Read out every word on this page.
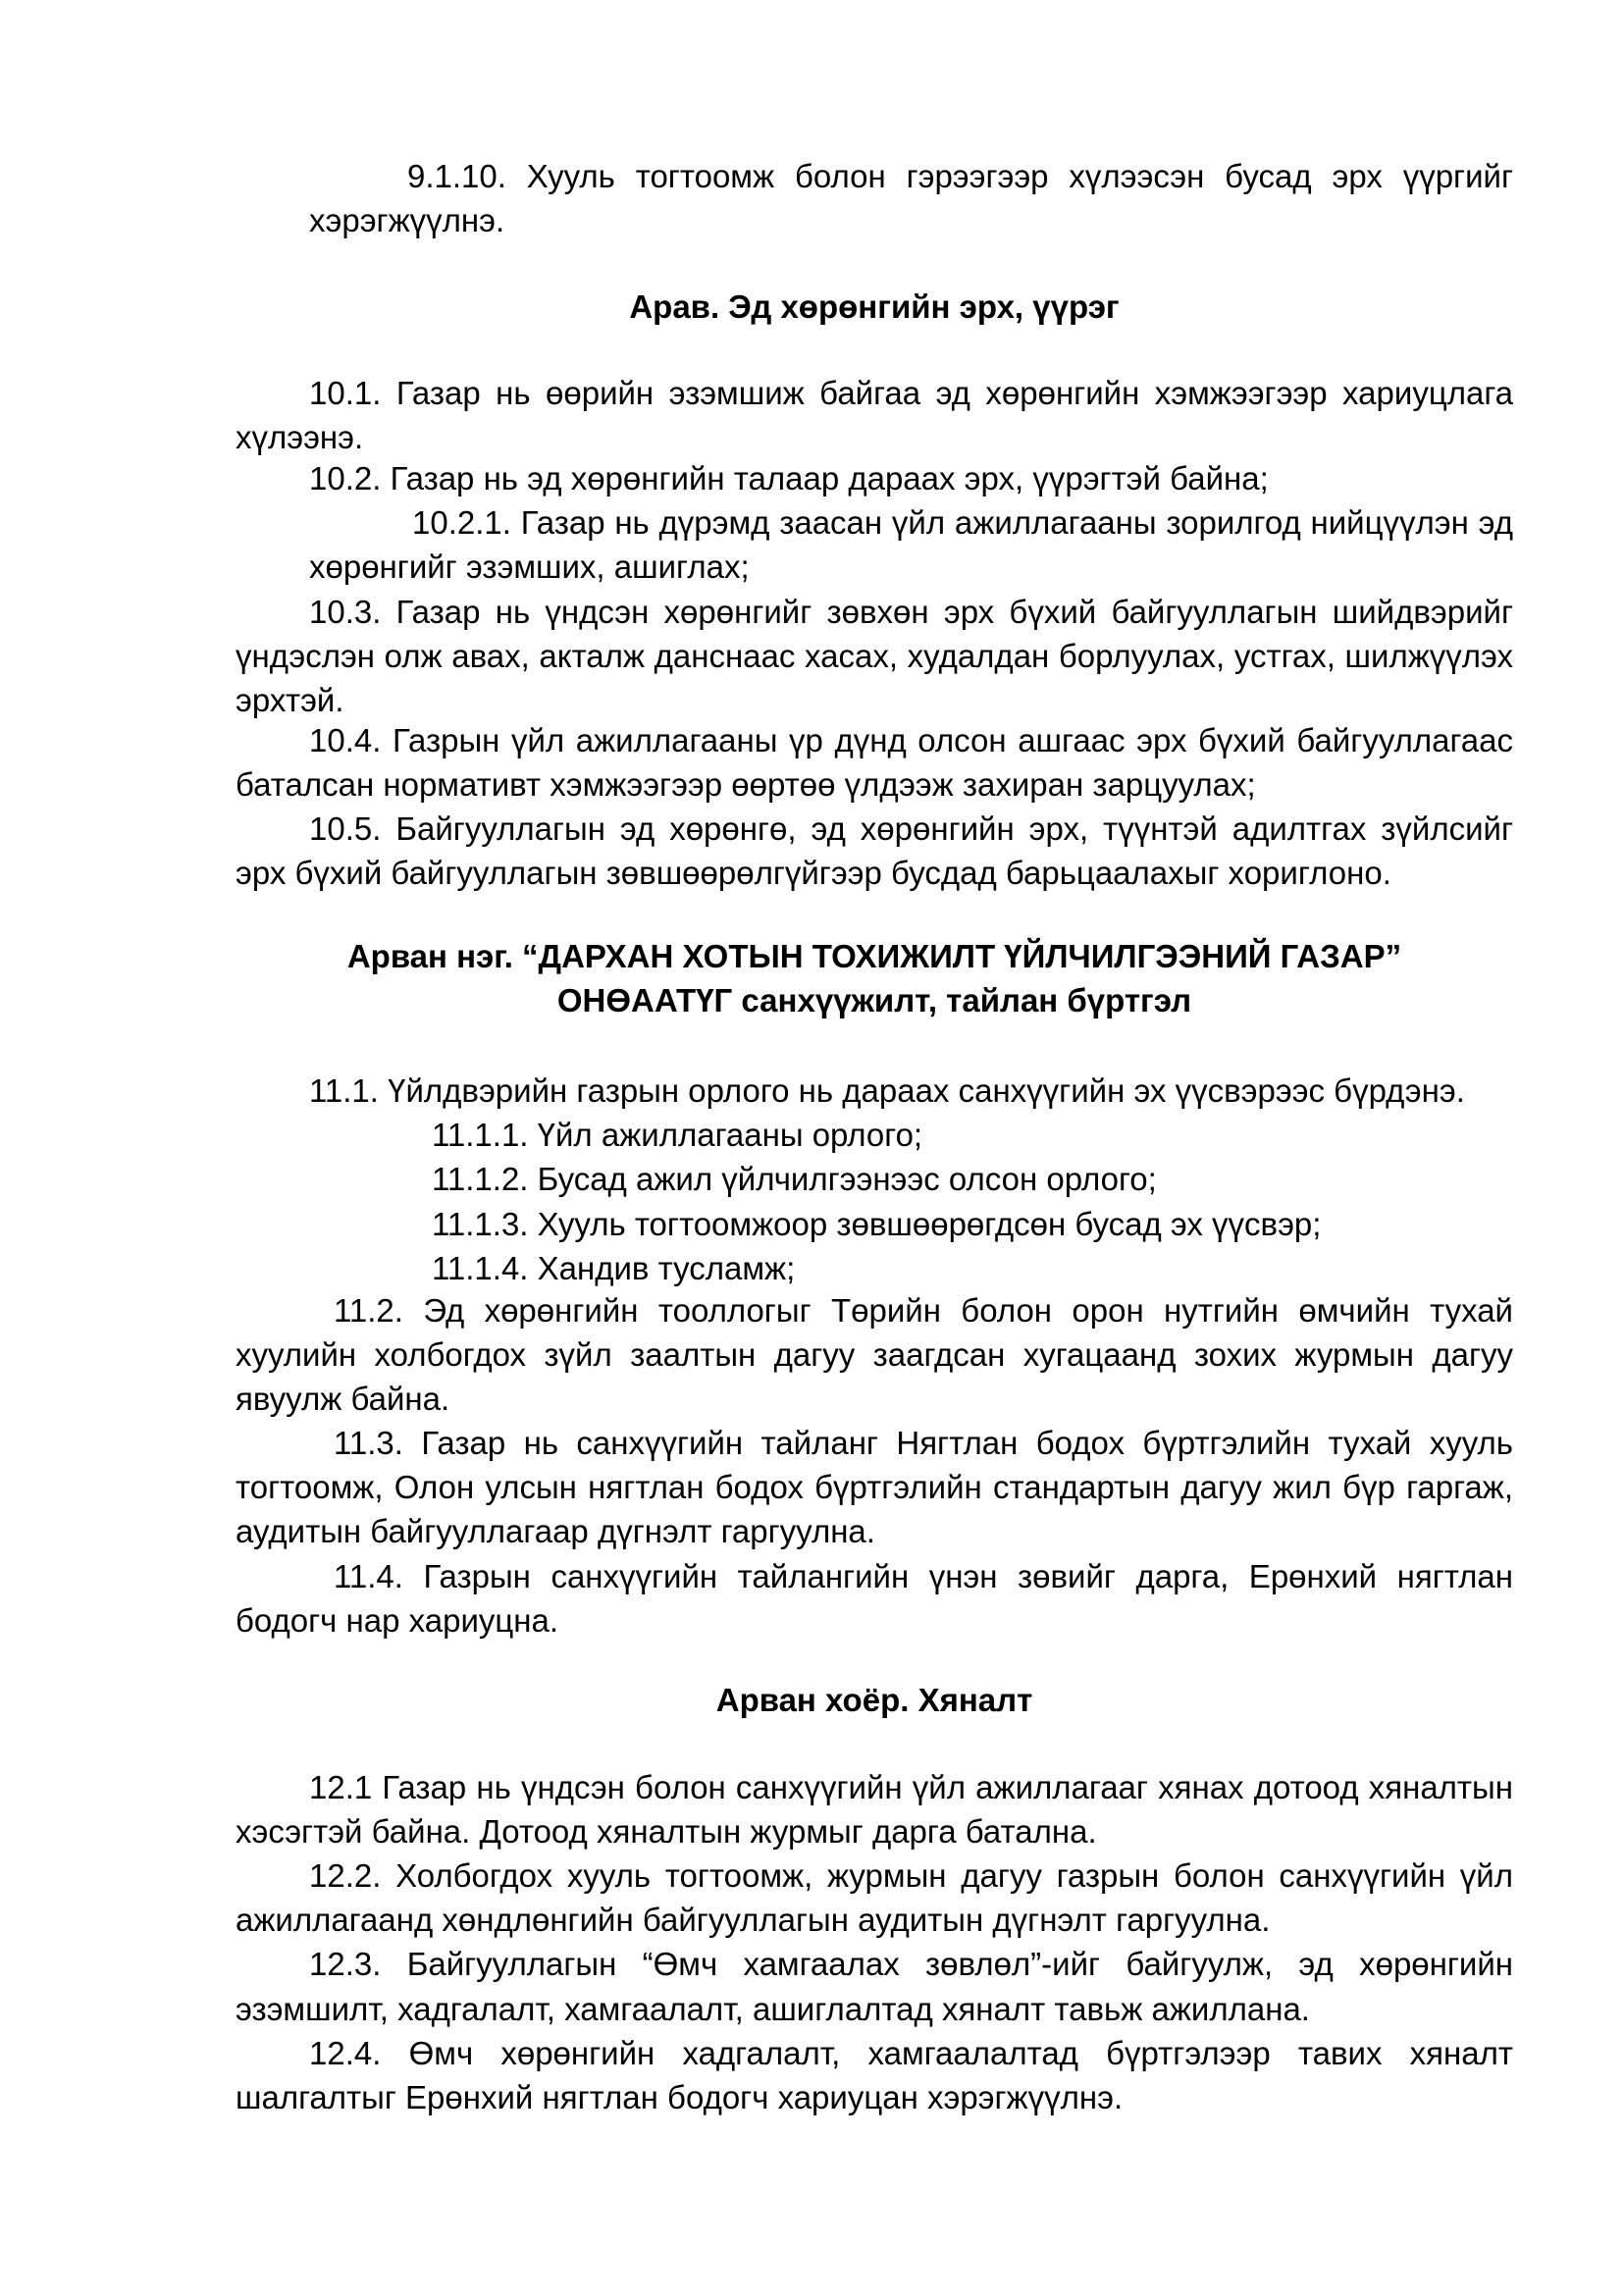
9.1.10. Хууль тогтоомж болон гэрээгээр хүлээсэн бусад эрх үүргийг
хэрэгжүүлнэ.
Арав. Эд хөрөнгийн эрх, үүрэг
10.1. Газар нь өөрийн эзэмшиж байгаа эд хөрөнгийн хэмжээгээр хариуцлага
хүлээнэ.
10.2. Газар нь эд хөрөнгийн талаар дараах эрх, үүрэгтэй байна;
10.2.1. Газар нь дүрэмд заасан үйл ажиллагааны зорилгод нийцүүлэн эд
хөрөнгийг эзэмших, ашиглах;
10.3. Газар нь үндсэн хөрөнгийг зөвхөн эрх бүхий байгууллагын шийдвэрийг
үндэслэн олж авах, акталж данснаас хасах, худалдан борлуулах, устгах, шилжүүлэх
эрхтэй.
10.4. Газрын үйл ажиллагааны үр дүнд олсон ашгаас эрх бүхий байгууллагаас
баталсан нормативт хэмжээгээр өөртөө үлдээж захиран зарцуулах;
10.5. Байгууллагын эд хөрөнгө, эд хөрөнгийн эрх, түүнтэй адилтгах зүйлсийг
эрх бүхий байгууллагын зөвшөөрөлгүйгээр бусдад барьцаалахыг хориглоно.
Арван нэг. “ДАРХАН ХОТЫН ТОХИЖИЛТ ҮЙЛЧИЛГЭЭНИЙ ГАЗАР”
ОНӨААТҮГ санхүүжилт, тайлан бүртгэл
11.1. Үйлдвэрийн газрын орлого нь дараах санхүүгийн эх үүсвэрээс бүрдэнэ.
11.1.1. Үйл ажиллагааны орлого;
11.1.2. Бусад ажил үйлчилгээнээс олсон орлого;
11.1.3. Хууль тогтоомжоор зөвшөөрөгдсөн бусад эх үүсвэр;
11.1.4. Хандив тусламж;
11.2. Эд хөрөнгийн тооллогыг Төрийн болон орон нутгийн өмчийн тухай
хуулийн холбогдох зүйл заалтын дагуу заагдсан хугацаанд зохих журмын дагуу
явуулж байна.
11.3. Газар нь санхүүгийн тайланг Нягтлан бодох бүртгэлийн тухай хууль
тогтоомж, Олон улсын нягтлан бодох бүртгэлийн стандартын дагуу жил бүр гаргаж,
аудитын байгууллагаар дүгнэлт гаргуулна.
11.4. Газрын санхүүгийн тайлангийн үнэн зөвийг дарга, Ерөнхий нягтлан
бодогч нар хариуцна.
Арван хоёр. Хяналт
12.1 Газар нь үндсэн болон санхүүгийн үйл ажиллагааг хянах дотоод хяналтын
хэсэгтэй байна. Дотоод хяналтын журмыг дарга батална.
12.2. Холбогдох хууль тогтоомж, журмын дагуу газрын болон санхүүгийн үйл
ажиллагаанд хөндлөнгийн байгууллагын аудитын дүгнэлт гаргуулна.
12.3. Байгууллагын “Өмч хамгаалах зөвлөл”-ийг байгуулж, эд хөрөнгийн
эзэмшилт, хадгалалт, хамгаалалт, ашиглалтад хяналт тавьж ажиллана.
12.4. Өмч хөрөнгийн хадгалалт, хамгаалалтад бүртгэлээр тавих хяналт
шалгалтыг Ерөнхий нягтлан бодогч хариуцан хэрэгжүүлнэ.
